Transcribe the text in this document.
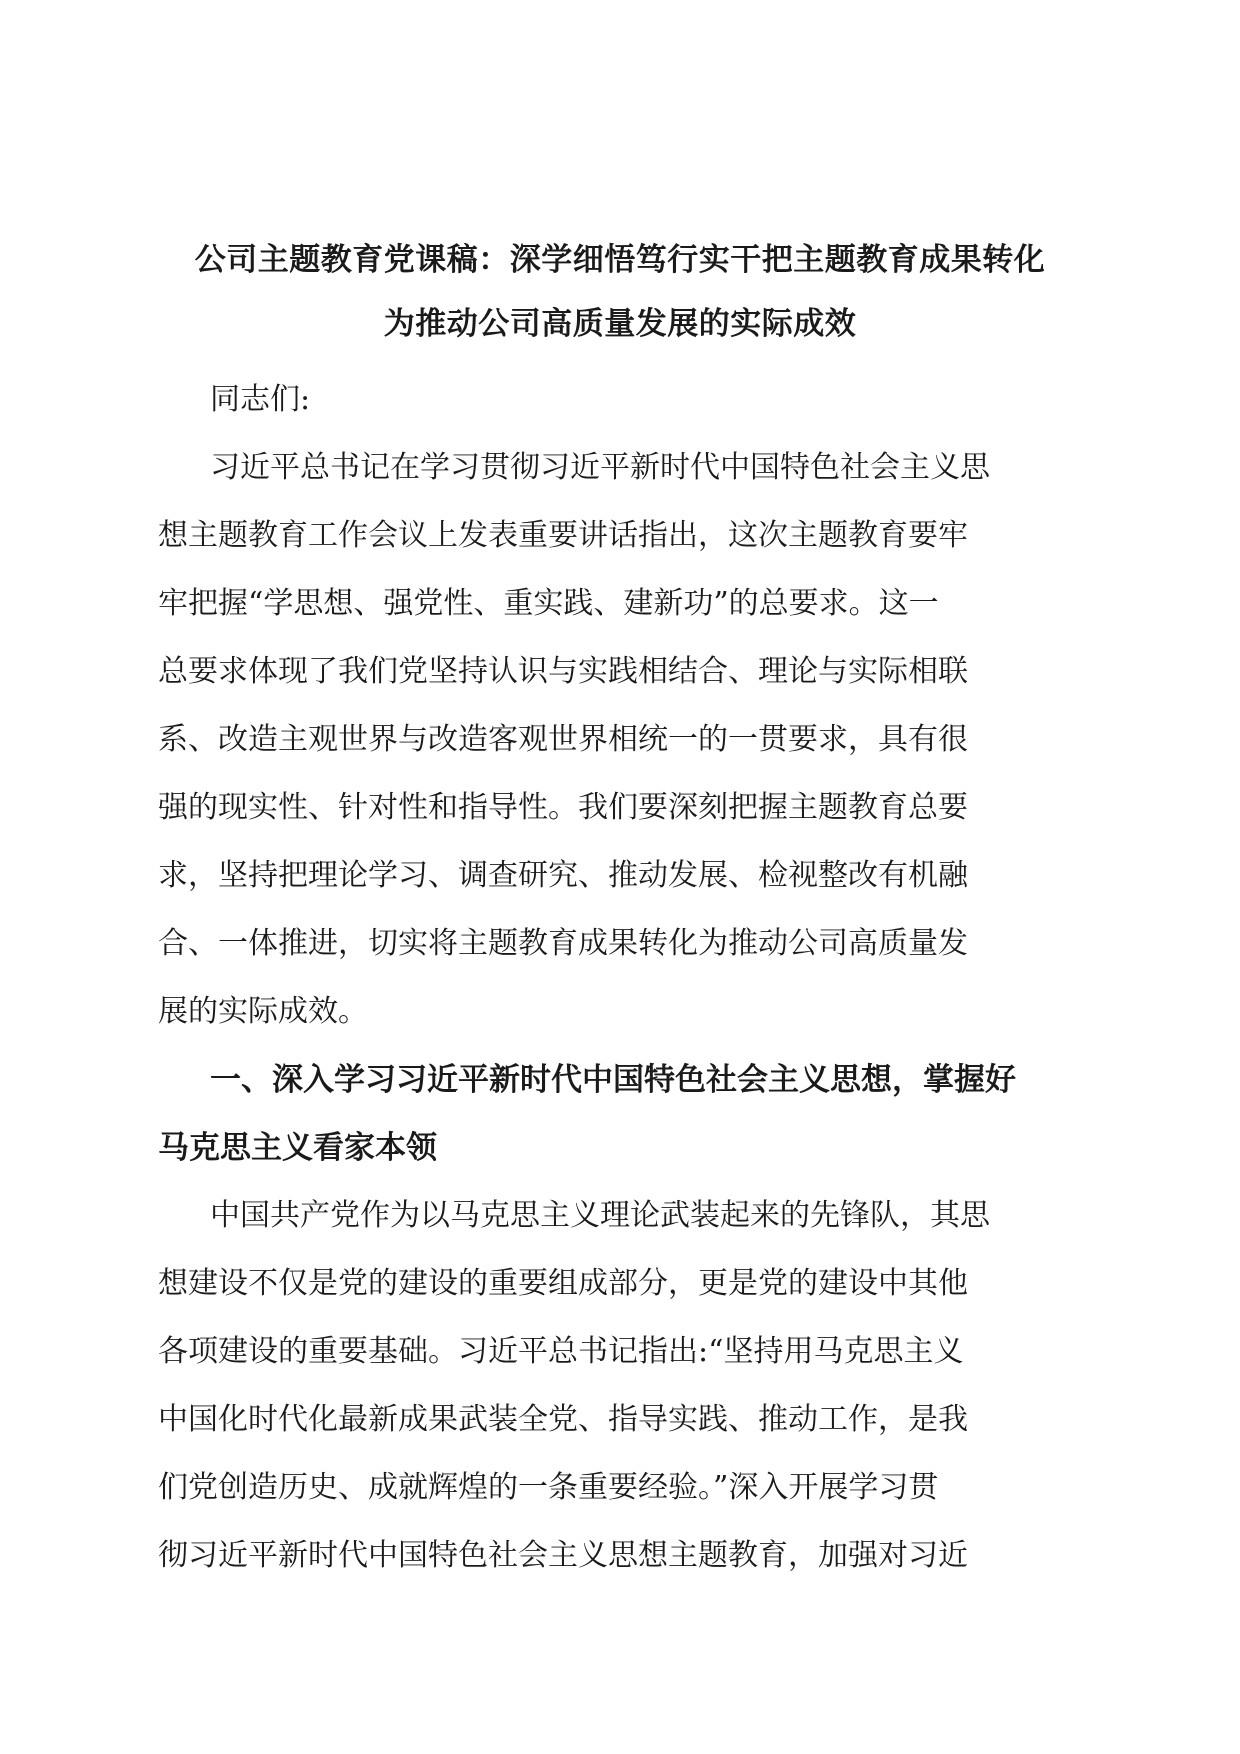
公司主题教育党课稿：深学细悟笃行实干把主题教育成果转化
为推动公司高质量发展的实际成效

同志们:

习近平总书记在学习贯彻习近平新时代中国特色社会主义思
想主题教育工作会议上发表重要讲话指出，这次主题教育要牢
牢把握“学思想、强党性、重实践、建新功”的总要求。这一
总要求体现了我们党坚持认识与实践相结合、理论与实际相联
系、改造主观世界与改造客观世界相统一的一贯要求，具有很
强的现实性、针对性和指导性。我们要深刻把握主题教育总要
求，坚持把理论学习、调查研究、推动发展、检视整改有机融
合、一体推进，切实将主题教育成果转化为推动公司高质量发
展的实际成效。

一、深入学习习近平新时代中国特色社会主义思想，掌握好
马克思主义看家本领

中国共产党作为以马克思主义理论武装起来的先锋队，其思
想建设不仅是党的建设的重要组成部分，更是党的建设中其他
各项建设的重要基础。习近平总书记指出:“坚持用马克思主义
中国化时代化最新成果武装全党、指导实践、推动工作，是我
们党创造历史、成就辉煌的一条重要经验。”深入开展学习贯
彻习近平新时代中国特色社会主义思想主题教育，加强对习近
